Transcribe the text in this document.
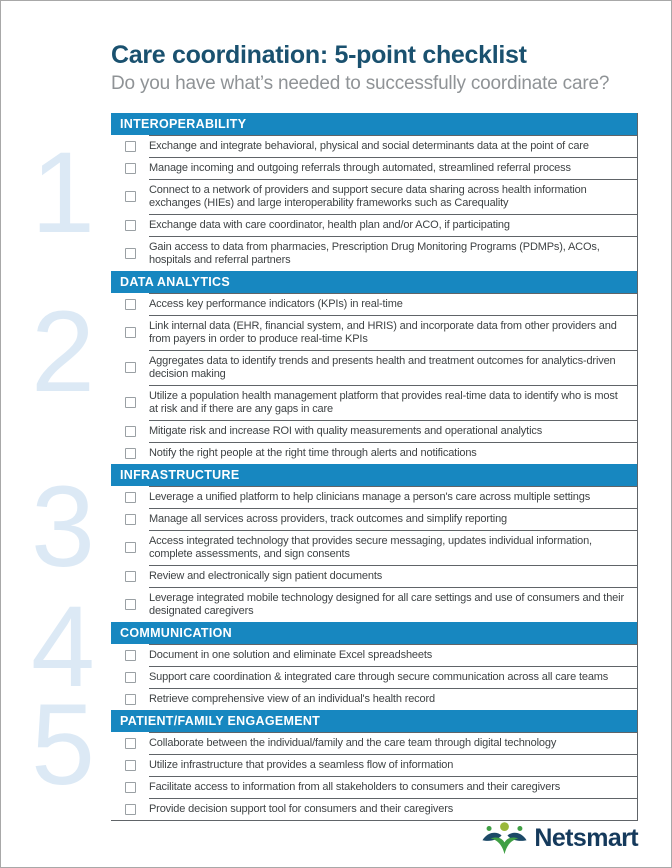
1
2
3
4
5
Care coordination: 5-point checklist
Do you have what’s needed to successfully coordinate care?
INTEROPERABILITY
Exchange and integrate behavioral, physical and social determinants data at the point of care
Manage incoming and outgoing referrals through automated, streamlined referral process
Connect to a network of providers and support secure data sharing across health information exchanges (HIEs) and large interoperability frameworks such as Carequality
Exchange data with care coordinator, health plan and/or ACO, if participating
Gain access to data from pharmacies, Prescription Drug Monitoring Programs (PDMPs), ACOs, hospitals and referral partners
DATA ANALYTICS
Access key performance indicators (KPIs) in real-time
Link internal data (EHR, financial system, and HRIS) and incorporate data from other providers and from payers in order to produce real-time KPIs
Aggregates data to identify trends and presents health and treatment outcomes for analytics-driven decision making
Utilize a population health management platform that provides real-time data to identify who is most at risk and if there are any gaps in care
Mitigate risk and increase ROI with quality measurements and operational analytics
Notify the right people at the right time through alerts and notifications
INFRASTRUCTURE
Leverage a unified platform to help clinicians manage a person's care across multiple settings
Manage all services across providers, track outcomes and simplify reporting
Access integrated technology that provides secure messaging, updates individual information, complete assessments, and sign consents
Review and electronically sign patient documents
Leverage integrated mobile technology designed for all care settings and use of consumers and their designated caregivers
COMMUNICATION
Document in one solution and eliminate Excel spreadsheets
Support care coordination & integrated care through secure communication across all care teams
Retrieve comprehensive view of an individual's health record
PATIENT/FAMILY ENGAGEMENT
Collaborate between the individual/family and the care team through digital technology
Utilize infrastructure that provides a seamless flow of information
Facilitate access to information from all stakeholders to consumers and their caregivers
Provide decision support tool for consumers and their caregivers
Netsmart
